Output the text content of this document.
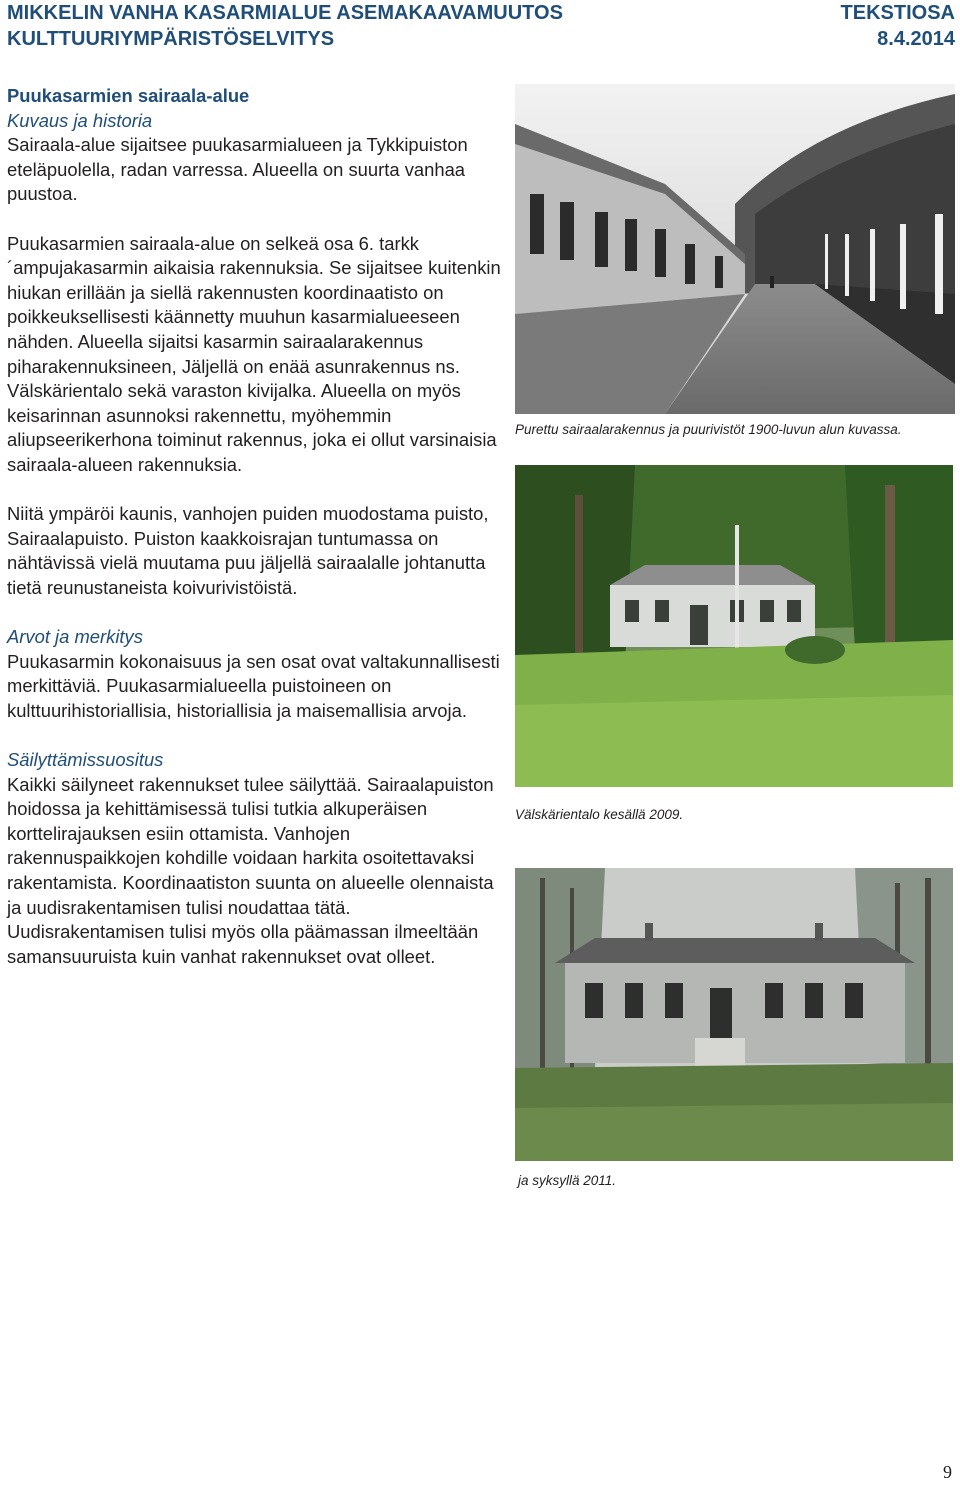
MIKKELIN VANHA KASARMIALUE ASEMAKAAVAMUUTOS
KULTTUURIYMPÄRISTÖSELVITYS
TEKSTIOSA
8.4.2014

Puukasarmien sairaala-alue

Kuvaus ja historia

Sairaala-alue sijaitsee puukasarmialueen ja Tykkipuiston eteläpuolella, radan varressa. Alueella on suurta vanhaa puustoa.

Puukasarmien sairaala-alue on selkeä osa 6. tarkk´ampujakasarmin aikaisia rakennuksia. Se sijaitsee kuitenkin hiukan erillään ja siellä rakennusten koordinaatisto on poikkeuksellisesti käännetty muuhun kasarmialueeseen nähden. Alueella sijaitsi kasarmin sairaalarakennus piharakennuksineen, Jäljellä on enää asunrakennus ns. Välskärientalo sekä varaston kivijalka. Alueella on myös keisarinnan asunnoksi rakennettu, myöhemmin aliupseerikerhona toiminut rakennus, joka ei ollut varsinaisia sairaala-alueen rakennuksia.

Niitä ympäröi kaunis, vanhojen puiden muodostama puisto, Sairaalapuisto. Puiston kaakkoisrajan tuntumassa on nähtävissä vielä muutama puu jäljellä sairaalalle johtanutta tietä reunustaneista koivurivistöistä.

Arvot ja merkitys

Puukasarmin kokonaisuus ja sen osat ovat valtakunnallisesti merkittäviä. Puukasarmialueella puistoineen on kulttuurihistoriallisia, historiallisia ja maisemallisia arvoja.

Säilyttämissuositus

Kaikki säilyneet rakennukset tulee säilyttää. Sairaalapuiston hoidossa ja kehittämisessä tulisi tutkia alkuperäisen korttelirajauksen esiin ottamista. Vanhojen rakennuspaikkojen kohdille voidaan harkita osoitettavaksi rakentamista. Koordinaatiston suunta on alueelle olennaista ja uudisrakentamisen tulisi noudattaa tätä. Uudisrakentamisen tulisi myös olla päämassan ilmeeltään samansuuruista kuin vanhat rakennukset ovat olleet.

Purettu sairaalarakennus ja puurivistöt 1900-luvun alun kuvassa.
Välskärientalo kesällä 2009.
ja syksyllä 2011.
9
